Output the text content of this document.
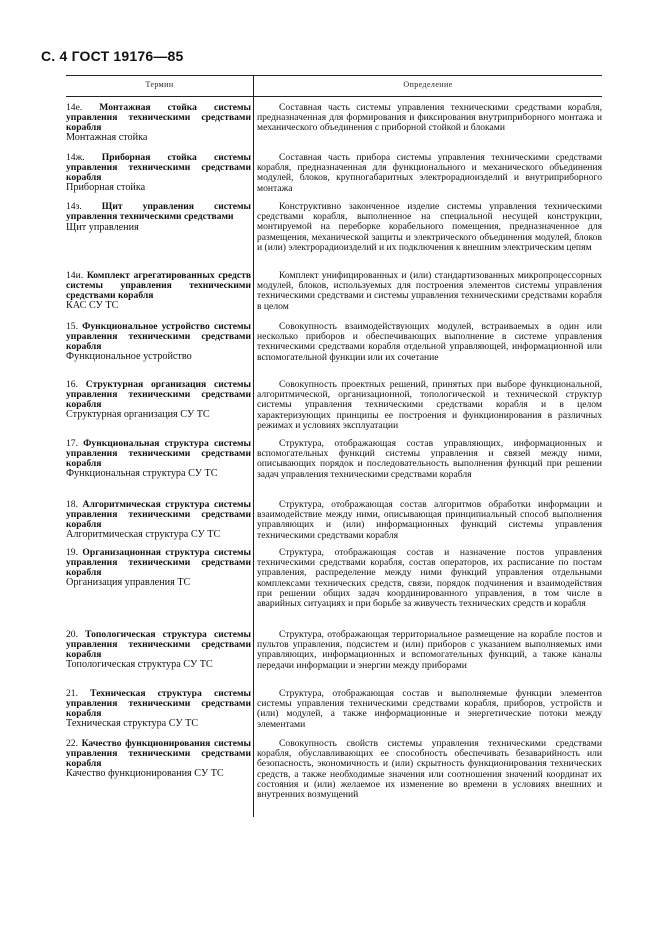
С. 4 ГОСТ 19176—85
Термин	Определение
14е. Монтажная стойка системы управления техническими средствами корабля
Монтажная стойка
Составная часть системы управления техническими средствами корабля, предназначенная для формирования и фиксирования внутриприборного монтажа и механического объединения с приборной стойкой и блоками
14ж. Приборная стойка системы управления техническими средствами корабля
Приборная стойка
Составная часть прибора системы управления техническими средствами корабля, предназначенная для функционального и механического объединения модулей, блоков, крупногабаритных электрорадиоизделий и внутриприборного монтажа
14з. Щит управления системы управления техническими средствами
Щит управления
Конструктивно законченное изделие системы управления техническими средствами корабля, выполненное на специальной несущей конструкции, монтируемой на переборке корабельного помещения, предназначенное для размещения, механической защиты и электрического объединения модулей, блоков и (или) электрорадиоизделий и их подключения к внешним электрическим цепям
14и. Комплект агрегатированных средств системы управления техническими средствами корабля
КАС СУ ТС
Комплект унифицированных и (или) стандартизованных микропроцессорных модулей, блоков, используемых для построения элементов системы управления техническими средствами и системы управления техническими средствами корабля в целом
15. Функциональное устройство системы управления техническими средствами корабля
Функциональное устройство
Совокупность взаимодействующих модулей, встраиваемых в один или несколько приборов и обеспечивающих выполнение в системе управления техническими средствами корабля отдельной управляющей, информационной или вспомогательной функции или их сочетание
16. Структурная организация системы управления техническими средствами корабля
Структурная организация СУ ТС
Совокупность проектных решений, принятых при выборе функциональной, алгоритмической, организационной, топологической и технической структур системы управления техническими средствами корабля и в целом характеризующих принципы ее построения и функционирования в различных режимах и условиях эксплуатации
17. Функциональная структура системы управления техническими средствами корабля
Функциональная структура СУ ТС
Структура, отображающая состав управляющих, информационных и вспомогательных функций системы управления и связей между ними, описывающих порядок и последовательность выполнения функций при решении задач управления техническими средствами корабля
18. Алгоритмическая структура системы управления техническими средствами корабля
Алгоритмическая структура СУ ТС
Структура, отображающая состав алгоритмов обработки информации и взаимодействие между ними, описывающая принципиальный способ выполнения управляющих и (или) информационных функций системы управления техническими средствами корабля
19. Организационная структура системы управления техническими средствами корабля
Организация управления ТС
Структура, отображающая состав и назначение постов управления техническими средствами корабля, состав операторов, их расписание по постам управления, распределение между ними функций управления отдельными комплексами технических средств, связи, порядок подчинения и взаимодействия при решении общих задач координированного управления, в том числе в аварийных ситуациях и при борьбе за живучесть технических средств и корабля
20. Топологическая структура системы управления техническими средствами корабля
Топологическая структура СУ ТС
Структура, отображающая территориальное размещение на корабле постов и пультов управления, подсистем и (или) приборов с указанием выполняемых ими управляющих, информационных и вспомогательных функций, а также каналы передачи информации и энергии между приборами
21. Техническая структура системы управления техническими средствами корабля
Техническая структура СУ ТС
Структура, отображающая состав и выполняемые функции элементов системы управления техническими средствами корабля, приборов, устройств и (или) модулей, а также информационные и энергетические потоки между элементами
22. Качество функционирования системы управления техническими средствами корабля
Качество функционирования СУ ТС
Совокупность свойств системы управления техническими средствами корабля, обуславливающих ее способность обеспечивать безаварийность или безопасность, экономичность и (или) скрытность функционирования технических средств, а также необходимые значения или соотношения значений координат их состояния и (или) желаемое их изменение во времени в условиях внешних и внутренних возмущений
